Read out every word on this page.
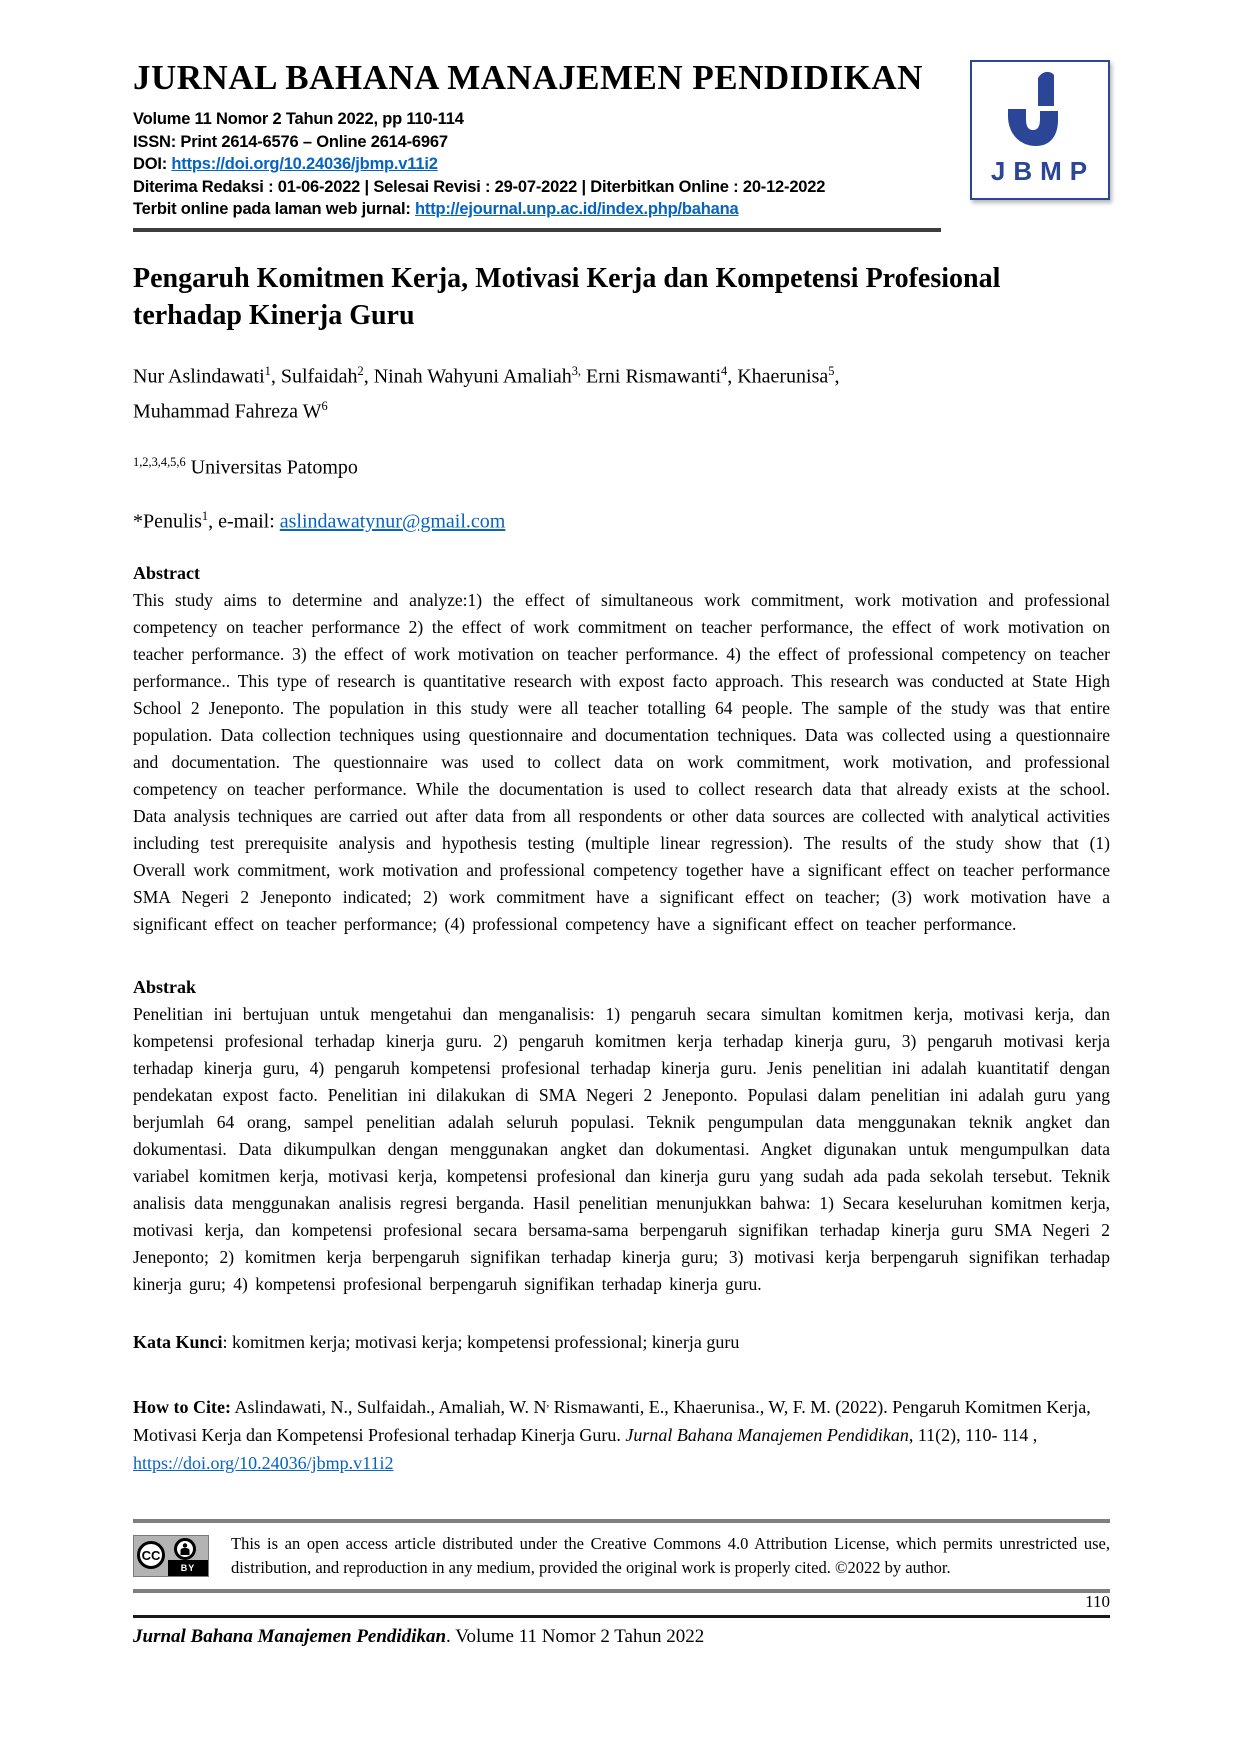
JURNAL BAHANA MANAJEMEN PENDIDIKAN
Volume 11 Nomor 2 Tahun 2022, pp 110-114
ISSN: Print 2614-6576 – Online 2614-6967
DOI: https://doi.org/10.24036/jbmp.v11i2
Diterima Redaksi : 01-06-2022 | Selesai Revisi : 29-07-2022 | Diterbitkan Online : 20-12-2022
Terbit online pada laman web jurnal: http://ejournal.unp.ac.id/index.php/bahana
JBMP
Pengaruh Komitmen Kerja, Motivasi Kerja dan Kompetensi Profesional terhadap Kinerja Guru
Nur Aslindawati$^1$, Sulfaidah$^2$, Ninah Wahyuni Amaliah$^{3,}$ Erni Rismawanti$^4$, Khaerunisa$^5$,
Muhammad Fahreza $W^6$
$^{1,2,3,4,5,6}$ Universitas Patompo
*Penulis$^1$, e-mail: aslindawatynur@gmail.com
Abstract
This study aims to determine and analyze:1) the effect of simultaneous work commitment, work motivation and professional competency on teacher performance 2) the effect of work commitment on teacher performance, the effect of work motivation on teacher performance. 3) the effect of work motivation on teacher performance. 4) the effect of professional competency on teacher performance.. This type of research is quantitative research with expost facto approach. This research was conducted at State High School 2 Jeneponto. The population in this study were all teacher totalling 64 people. The sample of the study was that entire population. Data collection techniques using questionnaire and documentation techniques. Data was collected using a questionnaire and documentation. The questionnaire was used to collect data on work commitment, work motivation, and professional competency on teacher performance. While the documentation is used to collect research data that already exists at the school. Data analysis techniques are carried out after data from all respondents or other data sources are collected with analytical activities including test prerequisite analysis and hypothesis testing (multiple linear regression). The results of the study show that (1) Overall work commitment, work motivation and professional competency together have a significant effect on teacher performance SMA Negeri 2 Jeneponto indicated; 2) work commitment have a significant effect on teacher; (3) work motivation have a significant effect on teacher performance; (4) professional competency have a significant effect on teacher performance.
Abstrak
Penelitian ini bertujuan untuk mengetahui dan menganalisis: 1) pengaruh secara simultan komitmen kerja, motivasi kerja, dan kompetensi profesional terhadap kinerja guru. 2) pengaruh komitmen kerja terhadap kinerja guru, 3) pengaruh motivasi kerja terhadap kinerja guru, 4) pengaruh kompetensi profesional terhadap kinerja guru. Jenis penelitian ini adalah kuantitatif dengan pendekatan expost facto. Penelitian ini dilakukan di SMA Negeri 2 Jeneponto. Populasi dalam penelitian ini adalah guru yang berjumlah 64 orang, sampel penelitian adalah seluruh populasi. Teknik pengumpulan data menggunakan teknik angket dan dokumentasi. Data dikumpulkan dengan menggunakan angket dan dokumentasi. Angket digunakan untuk mengumpulkan data variabel komitmen kerja, motivasi kerja, kompetensi profesional dan kinerja guru yang sudah ada pada sekolah tersebut. Teknik analisis data menggunakan analisis regresi berganda. Hasil penelitian menunjukkan bahwa: 1) Secara keseluruhan komitmen kerja, motivasi kerja, dan kompetensi profesional secara bersama-sama berpengaruh signifikan terhadap kinerja guru SMA Negeri 2 Jeneponto; 2) komitmen kerja berpengaruh signifikan terhadap kinerja guru; 3) motivasi kerja berpengaruh signifikan terhadap kinerja guru; 4) kompetensi profesional berpengaruh signifikan terhadap kinerja guru.
Kata Kunci: komitmen kerja; motivasi kerja; kompetensi professional; kinerja guru
How to Cite: Aslindawati, N., Sulfaidah., Amaliah, W. N, Rismawanti, E., Khaerunisa., W, F. M. (2022). Pengaruh Komitmen Kerja, Motivasi Kerja dan Kompetensi Profesional terhadap Kinerja Guru. Jurnal Bahana Manajemen Pendidikan, 11(2), 110- 114 , https://doi.org/10.24036/jbmp.v11i2
BY
CC
This is an open access article distributed under the Creative Commons 4.0 Attribution License, which permits unrestricted use, distribution, and reproduction in any medium, provided the original work is properly cited. ©2022 by author.
110
Jurnal Bahana Manajemen Pendidikan. Volume 11 Nomor 2 Tahun 2022
